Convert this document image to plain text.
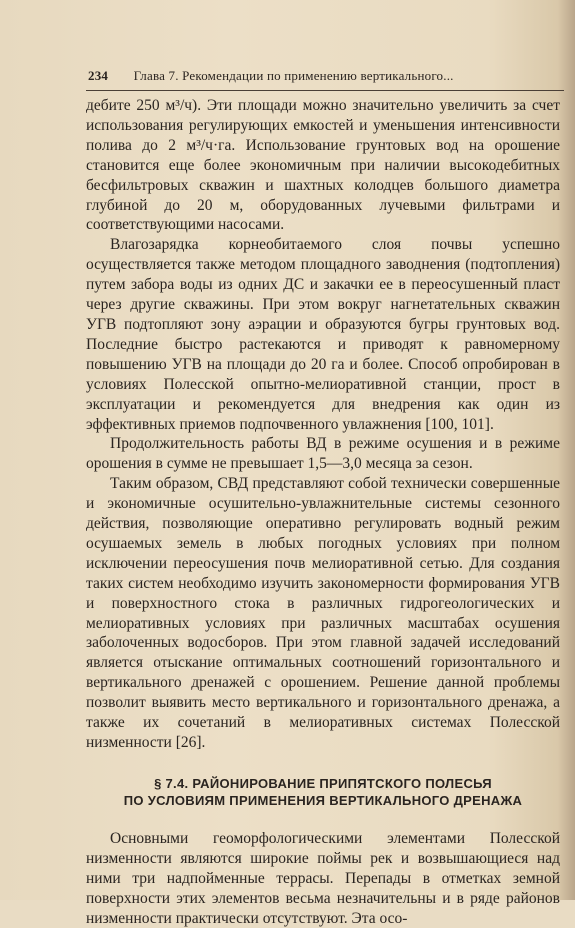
234 Глава 7. Рекомендации по применению вертикального...

дебите 250 м³/ч). Эти площади можно значительно увеличить за счет использования регулирующих емкостей и уменьшения интенсивности полива до 2 м³/ч·га. Использование грунтовых вод на орошение становится еще более экономичным при наличии высокодебитных бесфильтровых скважин и шахтных колодцев большого диаметра глубиной до 20 м, оборудованных лучевыми фильтрами и соответствующими насосами.

Влагозарядка корнеобитаемого слоя почвы успешно осуществляется также методом площадного заводнения (подтопления) путем забора воды из одних ДС и закачки ее в переосушенный пласт через другие скважины. При этом вокруг нагнетательных скважин УГВ подтопляют зону аэрации и образуются бугры грунтовых вод. Последние быстро растекаются и приводят к равномерному повышению УГВ на площади до 20 га и более. Способ опробирован в условиях Полесской опытно-мелиоративной станции, прост в эксплуатации и рекомендуется для внедрения как один из эффективных приемов подпочвенного увлажнения [100, 101].

Продолжительность работы ВД в режиме осушения и в режиме орошения в сумме не превышает 1,5—3,0 месяца за сезон.

Таким образом, СВД представляют собой технически совершенные и экономичные осушительно-увлажнительные системы сезонного действия, позволяющие оперативно регулировать водный режим осушаемых земель в любых погодных условиях при полном исключении переосушения почв мелиоративной сетью. Для создания таких систем необходимо изучить закономерности формирования УГВ и поверхностного стока в различных гидрогеологических и мелиоративных условиях при различных масштабах осушения заболоченных водосборов. При этом главной задачей исследований является отыскание оптимальных соотношений горизонтального и вертикального дренажей с орошением. Решение данной проблемы позволит выявить место вертикального и горизонтального дренажа, а также их сочетаний в мелиоративных системах Полесской низменности [26].

§ 7.4. РАЙОНИРОВАНИЕ ПРИПЯТСКОГО ПОЛЕСЬЯ
ПО УСЛОВИЯМ ПРИМЕНЕНИЯ ВЕРТИКАЛЬНОГО ДРЕНАЖА

Основными геоморфологическими элементами Полесской низменности являются широкие поймы рек и возвышающиеся над ними три надпойменные террасы. Перепады в отметках земной поверхности этих элементов весьма незначительны и в ряде районов низменности практически отсутствуют. Эта осо-
